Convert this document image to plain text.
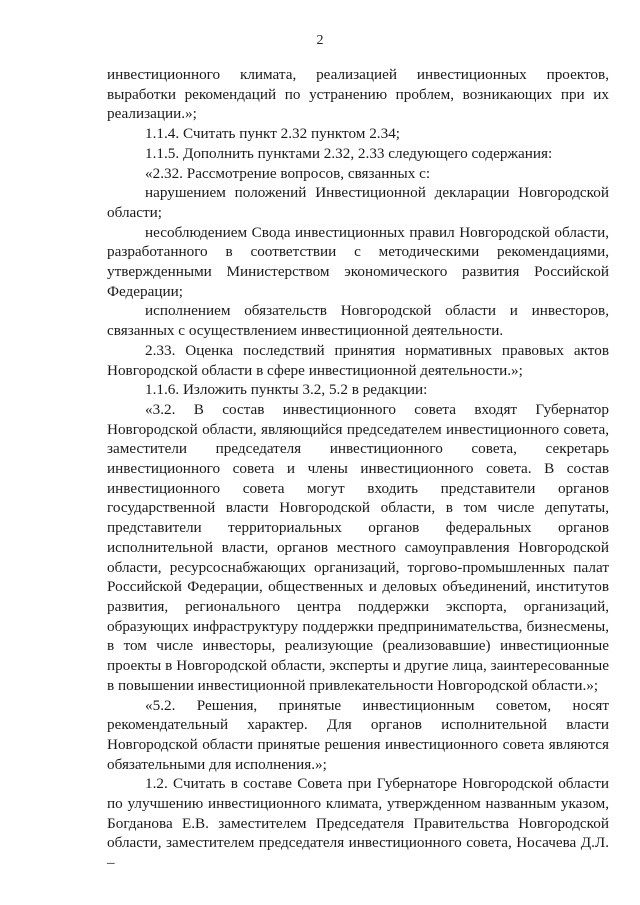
2

инвестиционного климата, реализацией инвестиционных проектов, выработки рекомендаций по устранению проблем, возникающих при их реализации.»;

1.1.4. Считать пункт 2.32 пунктом 2.34;

1.1.5. Дополнить пунктами 2.32, 2.33 следующего содержания:

«2.32. Рассмотрение вопросов, связанных с:

нарушением положений Инвестиционной декларации Новгородской области;

несоблюдением Свода инвестиционных правил Новгородской области, разработанного в соответствии с методическими рекомендациями, утвержденными Министерством экономического развития Российской Федерации;

исполнением обязательств Новгородской области и инвесторов, связанных с осуществлением инвестиционной деятельности.

2.33. Оценка последствий принятия нормативных правовых актов Новгородской области в сфере инвестиционной деятельности.»;

1.1.6. Изложить пункты 3.2, 5.2 в редакции:

«3.2. В состав инвестиционного совета входят Губернатор Новгородской области, являющийся председателем инвестиционного совета, заместители председателя инвестиционного совета, секретарь инвестиционного совета и члены инвестиционного совета. В состав инвестиционного совета могут входить представители органов государственной власти Новгородской области, в том числе депутаты, представители территориальных органов федеральных органов исполнительной власти, органов местного самоуправления Новгородской области, ресурсоснабжающих организаций, торгово-промышленных палат Российской Федерации, общественных и деловых объединений, институтов развития, регионального центра поддержки экспорта, организаций, образующих инфраструктуру поддержки предпринимательства, бизнесмены, в том числе инвесторы, реализующие (реализовавшие) инвестиционные проекты в Новгородской области, эксперты и другие лица, заинтересованные в повышении инвестиционной привлекательности Новгородской области.»;

«5.2. Решения, принятые инвестиционным советом, носят рекомендательный характер. Для органов исполнительной власти Новгородской области принятые решения инвестиционного совета являются обязательными для исполнения.»;

1.2. Считать в составе Совета при Губернаторе Новгородской области по улучшению инвестиционного климата, утвержденном названным указом, Богданова Е.В. заместителем Председателя Правительства Новгородской области, заместителем председателя инвестиционного совета, Носачева Д.Л. –
